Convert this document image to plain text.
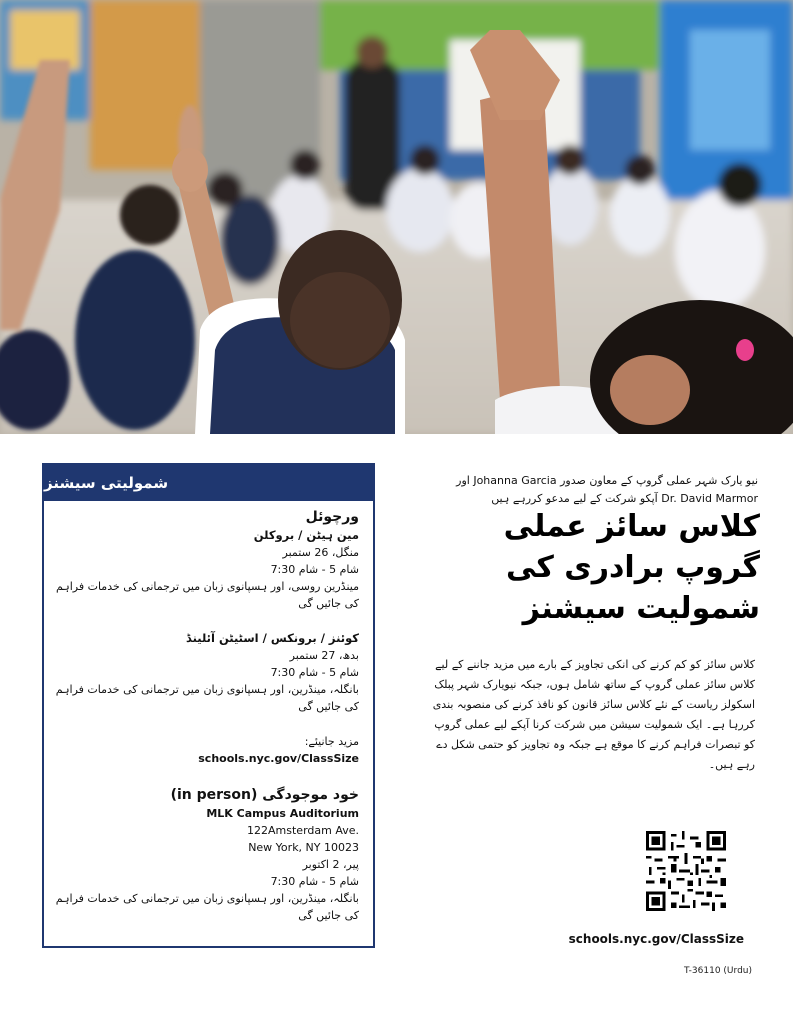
شمولیتی سیشنز
ورچوئل
مین ہیٹن / بروکلن
منگل، 26 ستمبر
شام 5 - شام 7:30
مینڈرین روسی، اور ہسپانوی زبان میں ترجمانی کی خدمات فراہم کی جائیں گی
کوئنز / برونکس / اسٹیٹن آئلینڈ
بدھ، 27 ستمبر
شام 5 - شام 7:30
بانگلہ، مینڈرین، اور ہسپانوی زبان میں ترجمانی کی خدمات فراہم کی جائیں گی
مزید جانیئے:
schools.nyc.gov/ClassSize
خود موجودگی (in person)
MLK Campus Auditorium
122Amsterdam Ave.
New York, NY 10023
پیر، 2 اکتوبر
شام 5 - شام 7:30
بانگلہ، مینڈرین، اور ہسپانوی زبان میں ترجمانی کی خدمات فراہم کی جائیں گی
نیو یارک شہر عملی گروپ کے معاون صدور Johanna Garcia اور
Dr. David Marmor آپکو شرکت کے لیے مدعو کررہے ہیں
کلاس سائز عملی
گروپ برادری کی
شمولیت سیشنز
کلاس سائز کو کم کرنے کی انکی تجاویز کے بارے میں مزید جاننے کے لیے کلاس سائز عملی گروپ کے ساتھ شامل ہوں، جبکہ نیویارک شہر پبلک اسکولز ریاست کے نئے کلاس سائز قانون کو نافذ کرنے کی منصوبہ بندی کررہا ہے۔ ایک شمولیت سیشن میں شرکت کرنا آپکے لیے عملی گروپ کو تبصرات فراہم کرنے کا موقع ہے جبکہ وہ تجاویز کو حتمی شکل دے رہے ہیں۔
schools.nyc.gov/ClassSize
T-36110 (Urdu)
